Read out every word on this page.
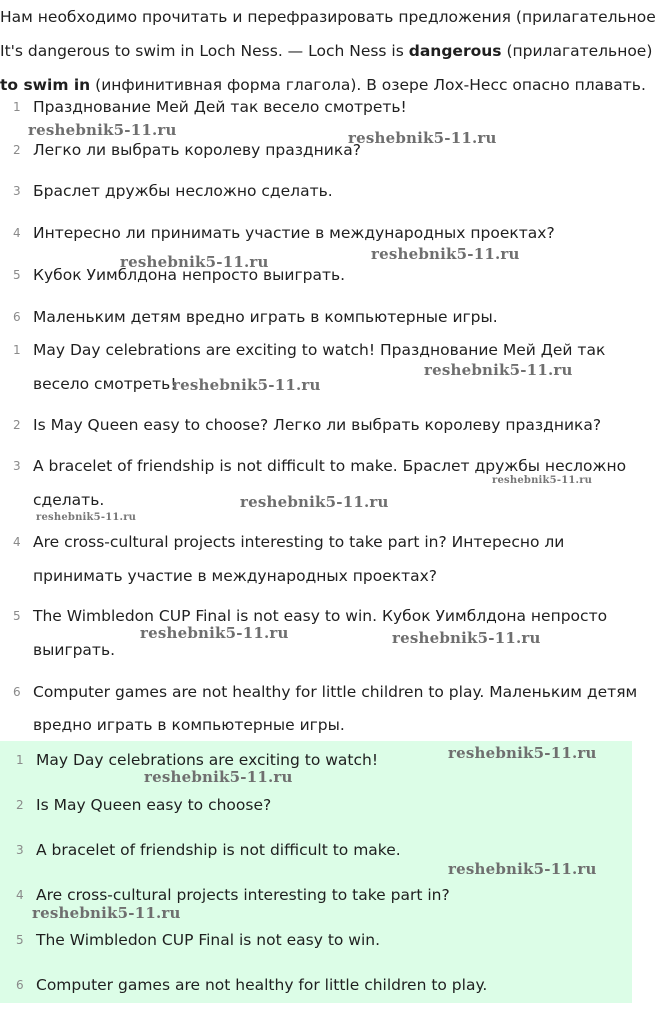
Нам необходимо прочитать и перефразировать предложения (прилагательное
It's dangerous to swim in Loch Ness. — Loch Ness is dangerous (прилагательное)
to swim in (инфинитивная форма глагола). В озере Лох-Несс опасно плавать.
1 Празднование Мей Дей так весело смотреть!
2 Легко ли выбрать королеву праздника?
3 Браслет дружбы несложно сделать.
4 Интересно ли принимать участие в международных проектах?
5 Кубок Уимблдона непросто выиграть.
6 Маленьким детям вредно играть в компьютерные игры.
1 May Day celebrations are exciting to watch! Празднование Мей Дей так
весело смотреть!
2 Is May Queen easy to choose? Легко ли выбрать королеву праздника?
3 A bracelet of friendship is not difficult to make. Браслет дружбы несложно
сделать.
4 Are cross-cultural projects interesting to take part in? Интересно ли
принимать участие в международных проектах?
5 The Wimbledon CUP Final is not easy to win. Кубок Уимблдона непросто
выиграть.
6 Computer games are not healthy for little children to play. Маленьким детям
вредно играть в компьютерные игры.
1 May Day celebrations are exciting to watch!
2 Is May Queen easy to choose?
3 A bracelet of friendship is not difficult to make.
4 Are cross-cultural projects interesting to take part in?
5 The Wimbledon CUP Final is not easy to win.
6 Computer games are not healthy for little children to play.
reshebnik5-11.ru	reshebnik5-11.ru
reshebnik5-11.ru
reshebnik5-11.ru
reshebnik5-11.ru
reshebnik5-11.ru
reshebnik5-11.ru
reshebnik5-11.ru
reshebnik5-11.ru
reshebnik5-11.ru	reshebnik5-11.ru
reshebnik5-11.ru
reshebnik5-11.ru
reshebnik5-11.ru
reshebnik5-11.ru
